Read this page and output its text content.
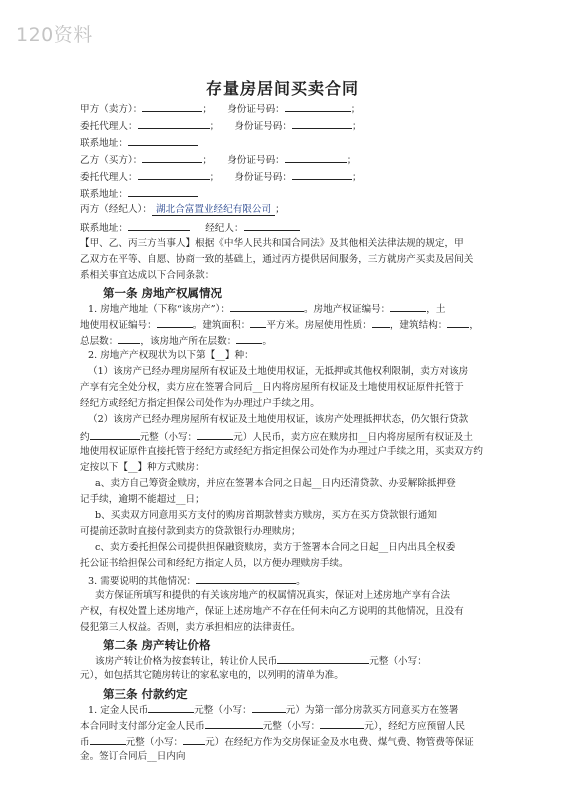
120资料
存量房居间买卖合同
甲方（卖方）：	；     身份证号码：	；
委托代理人：	；     身份证号码：	；
联系地址：
乙方（买方）：	；     身份证号码：	；
委托代理人：	；     身份证号码：	；
联系地址：
丙方（经纪人）： 湖北合富置业经纪有限公司 ；
联系地址：	经纪人：
【甲、乙、丙三方当事人】根据《中华人民共和国合同法》及其他相关法律法规的规定，甲
乙双方在平等、自愿、协商一致的基础上，通过丙方提供居间服务，三方就房产买卖及居间关
系相关事宜达成以下合同条款：
第一条 房地产权属情况
1. 房地产地址（下称“该房产”）：	。房地产权证编号：	，土
地使用权证编号：	。建筑面积： 平方米。房屋使用性质： ，建筑结构： ，
总层数： ，该房地产所在层数：	。
2. 房地产产权现状为以下第【__】种：
（1）该房产已经办理房屋所有权证及土地使用权证，无抵押或其他权利限制，卖方对该房
产享有完全处分权，卖方应在签署合同后__日内将房屋所有权证及土地使用权证原件托管于
经纪方或经纪方指定担保公司处作为办理过户手续之用。
（2）该房产已经办理房屋所有权证及土地使用权证，该房产处理抵押状态，仍欠银行贷款
约	元整（小写：	元）人民币，卖方应在赎房扣__日内将房屋所有权证及土
地使用权证原件直接托管于经纪方或经纪方指定担保公司处作为办理过户手续之用，买卖双方约
定按以下【__】种方式赎房：
a、卖方自己筹资金赎房，并应在签署本合同之日起__日内还清贷款、办妥解除抵押登
记手续，逾期不能超过__日；
b、买卖双方同意用买方支付的购房首期款替卖方赎房，买方在买方贷款银行通知
可提前还款时直接付款到卖方的贷款银行办理赎房；
c、卖方委托担保公司提供担保融资赎房，卖方于签署本合同之日起__日内出具全权委
托公证书给担保公司和经纪方指定人员，以方便办理赎房手续。
3. 需要说明的其他情况：	。
卖方保证所填写和提供的有关该房地产的权属情况真实，保证对上述房地产享有合法
产权，有权处置上述房地产，保证上述房地产不存在任何未向乙方说明的其他情况，且没有
侵犯第三人权益。否则，卖方承担相应的法律责任。
第二条 房产转让价格
该房产转让价格为按套转让，转让价人民币	元整（小写：
元），如包括其它随房转让的家私家电的，以列明的清单为准。
第三条 付款约定
1. 定金人民币	元整（小写：	元）为第一部分房款买方同意买方在签署
本合同时支付部分定金人民币	元整（小写：	元），经纪方应预留人民
币	元整（小写： 元）在经纪方作为交房保证金及水电费、煤气费、物管费等保证
金。签订合同后__日内向
